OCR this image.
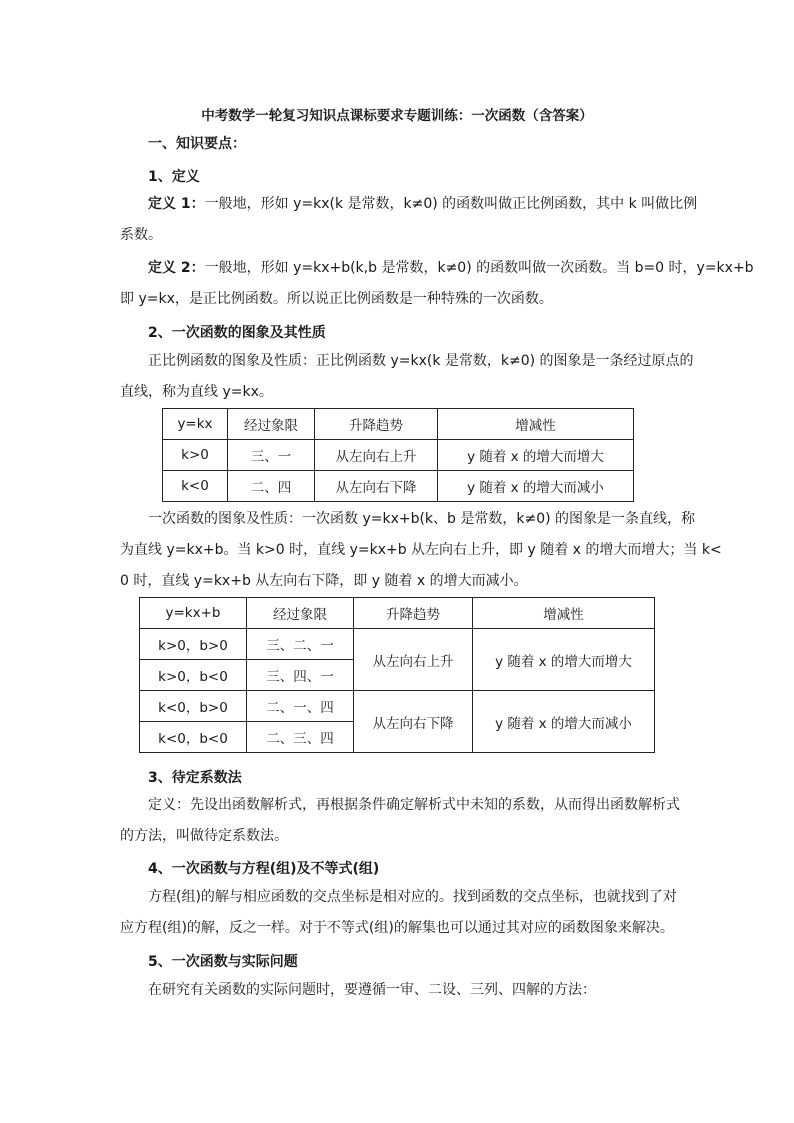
中考数学一轮复习知识点课标要求专题训练：一次函数（含答案）
一、知识要点：
1、定义
定义 1：一般地，形如 y=kx(k 是常数，k≠0) 的函数叫做正比例函数，其中 k 叫做比例
系数。
定义 2：一般地，形如 y=kx+b(k,b 是常数，k≠0) 的函数叫做一次函数。当 b=0 时，y=kx+b
即 y=kx，是正比例函数。所以说正比例函数是一种特殊的一次函数。
2、一次函数的图象及其性质
正比例函数的图象及性质：正比例函数 y=kx(k 是常数，k≠0) 的图象是一条经过原点的
直线，称为直线 y=kx。
y=kx	经过象限	升降趋势	增减性
k>0	三、一	从左向右上升	y 随着 x 的增大而增大
k<0	二、四	从左向右下降	y 随着 x 的增大而减小
一次函数的图象及性质：一次函数 y=kx+b(k、b 是常数，k≠0) 的图象是一条直线，称
为直线 y=kx+b。当 k>0 时，直线 y=kx+b 从左向右上升，即 y 随着 x 的增大而增大；当 k<
0 时，直线 y=kx+b 从左向右下降，即 y 随着 x 的增大而减小。
y=kx+b	经过象限	升降趋势	增减性
k>0，b>0	三、二、一	从左向右上升	y 随着 x 的增大而增大
k>0，b<0	三、四、一		
k<0，b>0	二、一、四	从左向右下降	y 随着 x 的增大而减小
k<0，b<0	二、三、四		
3、待定系数法
定义：先设出函数解析式，再根据条件确定解析式中未知的系数，从而得出函数解析式
的方法，叫做待定系数法。
4、一次函数与方程(组)及不等式(组)
方程(组)的解与相应函数的交点坐标是相对应的。找到函数的交点坐标，也就找到了对
应方程(组)的解，反之一样。对于不等式(组)的解集也可以通过其对应的函数图象来解决。
5、一次函数与实际问题
在研究有关函数的实际问题时，要遵循一审、二设、三列、四解的方法：
